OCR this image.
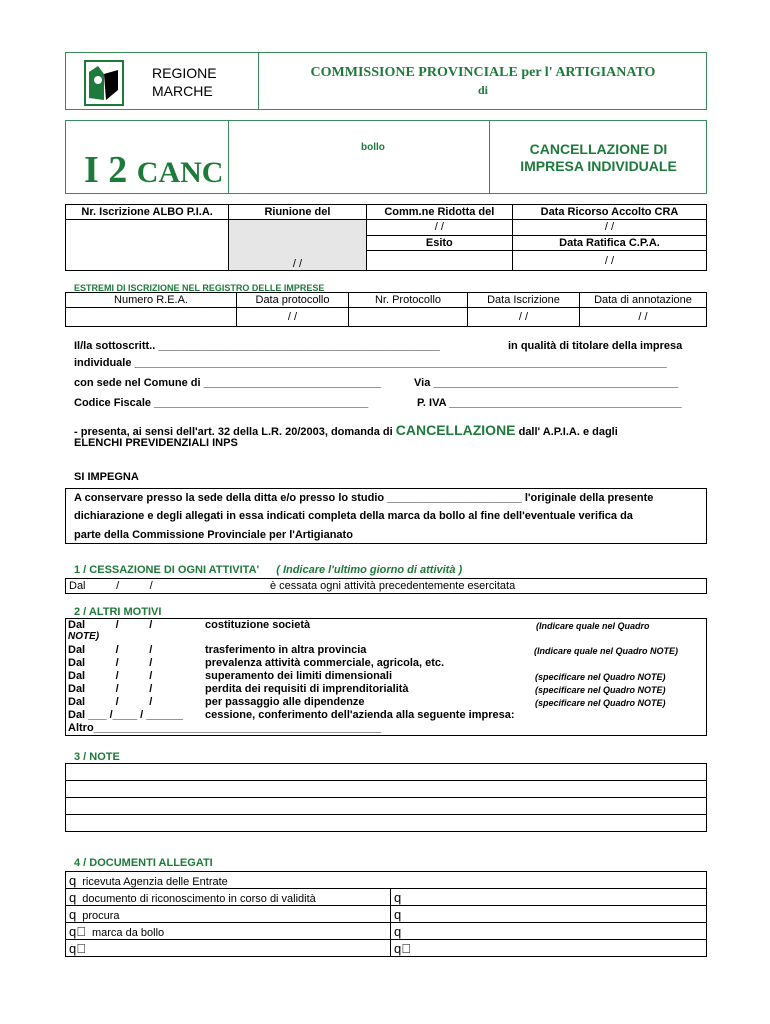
REGIONE
MARCHE
COMMISSIONE PROVINCIALE per l' ARTIGIANATO
di
I 2 CANC
bollo	CANCELLAZIONE DI
IMPRESA INDIVIDUALE
Nr. Iscrizione ALBO P.I.A.	Riunione del	Comm.ne Ridotta del	Data Ricorso Accolto CRA
	/ /	/ /	/ /
		Esito	Data Ratifica C.P.A.
			/ /
ESTREMI DI ISCRIZIONE NEL REGISTRO DELLE IMPRESE
Numero R.E.A.	Data protocollo	Nr. Protocollo	Data Iscrizione	Data di annotazione
	/ /		/ /	/ /
Il/la sottoscritt.. ______________________________________________	in qualità di titolare della impresa
individuale _______________________________________________________________________________________
con sede nel Comune di _____________________________	Via ________________________________________
Codice Fiscale ___________________________________	P. IVA ______________________________________
- presenta, ai sensi dell'art. 32 della L.R. 20/2003, domanda di CANCELLAZIONE dall' A.P.I.A. e dagli
ELENCHI PREVIDENZIALI INPS
SI IMPEGNA
A conservare presso la sede della ditta e/o presso lo studio ______________________ l'originale della presente
dichiarazione e degli allegati in essa indicati completa della marca da bollo al fine dell'eventuale verifica da
parte della Commissione Provinciale per l'Artigianato
1 / CESSAZIONE DI OGNI ATTIVITA' ( Indicare l'ultimo giorno di attività )
Dal          /          /	è cessata ogni attività precedentemente esercitata
2 / ALTRI MOTIVI
Dal          /          /	costituzione società	(Indicare quale nel Quadro
NOTE)
Dal          /          /	trasferimento in altra provincia	(Indicare quale nel Quadro NOTE)
Dal          /          /	prevalenza attività commerciale, agricola, etc.
Dal          /          /	superamento dei limiti dimensionali	(specificare nel Quadro NOTE)
Dal          /          /	perdita dei requisiti di imprenditorialità	(specificare nel Quadro NOTE)
Dal          /          /	per passaggio alle dipendenze	(specificare nel Quadro NOTE)
Dal ___ /____ / ______ cessione, conferimento dell'azienda alla seguente impresa:
Altro_______________________________________________
3 / NOTE

4 / DOCUMENTI ALLEGATI
q ricevuta Agenzia delle Entrate	
q documento di riconoscimento in corso di validità	q
q procura	q
q⃞ marca da bollo	q
q⃞	q⃞
